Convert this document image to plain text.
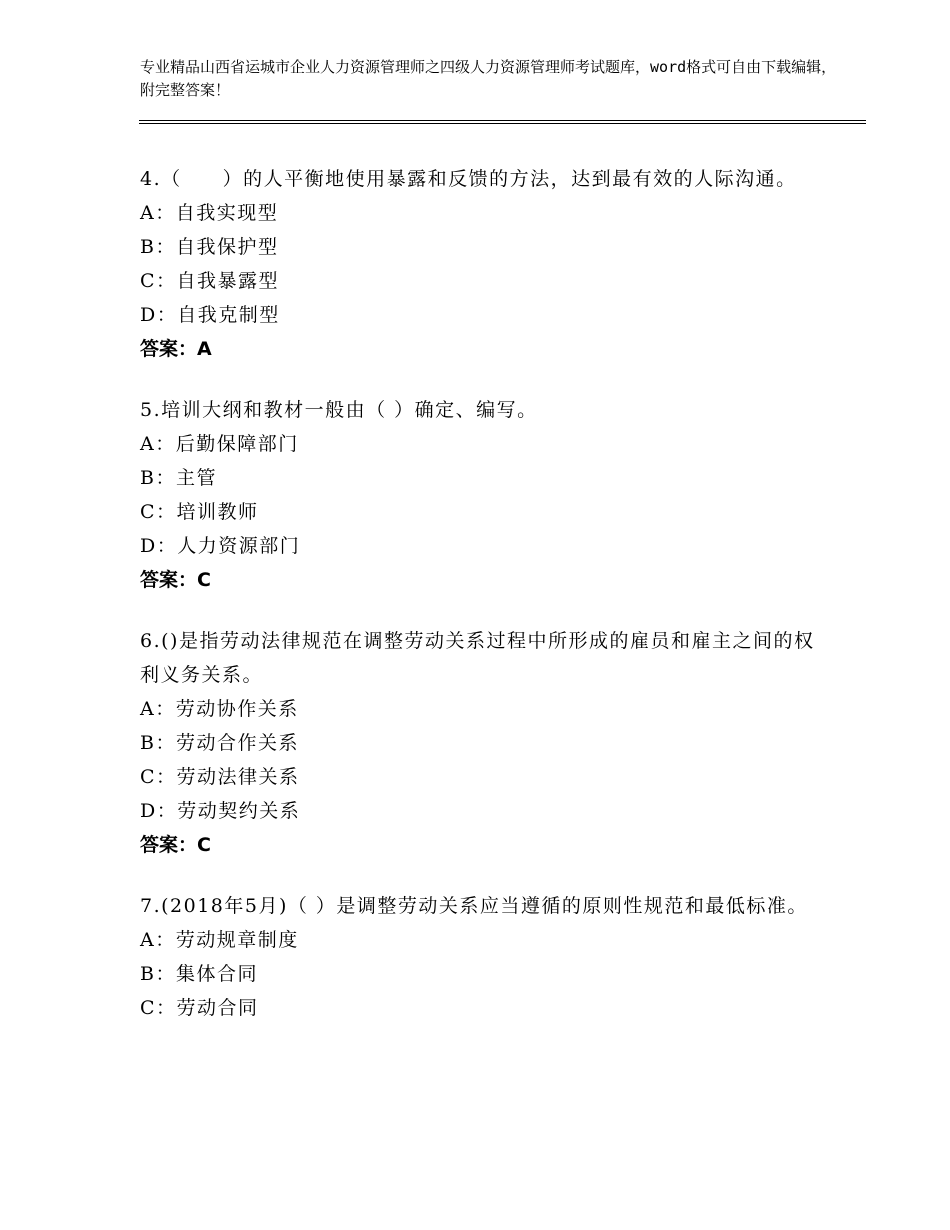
专业精品山西省运城市企业人力资源管理师之四级人力资源管理师考试题库，word格式可自由下载编辑，附完整答案！
4.（　　）的人平衡地使用暴露和反馈的方法，达到最有效的人际沟通。
A：自我实现型
B：自我保护型
C：自我暴露型
D：自我克制型
答案：A
5.培训大纲和教材一般由（ ）确定、编写。
A：后勤保障部门
B：主管
C：培训教师
D：人力资源部门
答案：C
6.()是指劳动法律规范在调整劳动关系过程中所形成的雇员和雇主之间的权利义务关系。
A：劳动协作关系
B：劳动合作关系
C：劳动法律关系
D：劳动契约关系
答案：C
7.(2018年5月)（ ）是调整劳动关系应当遵循的原则性规范和最低标准。
A：劳动规章制度
B：集体合同
C：劳动合同
